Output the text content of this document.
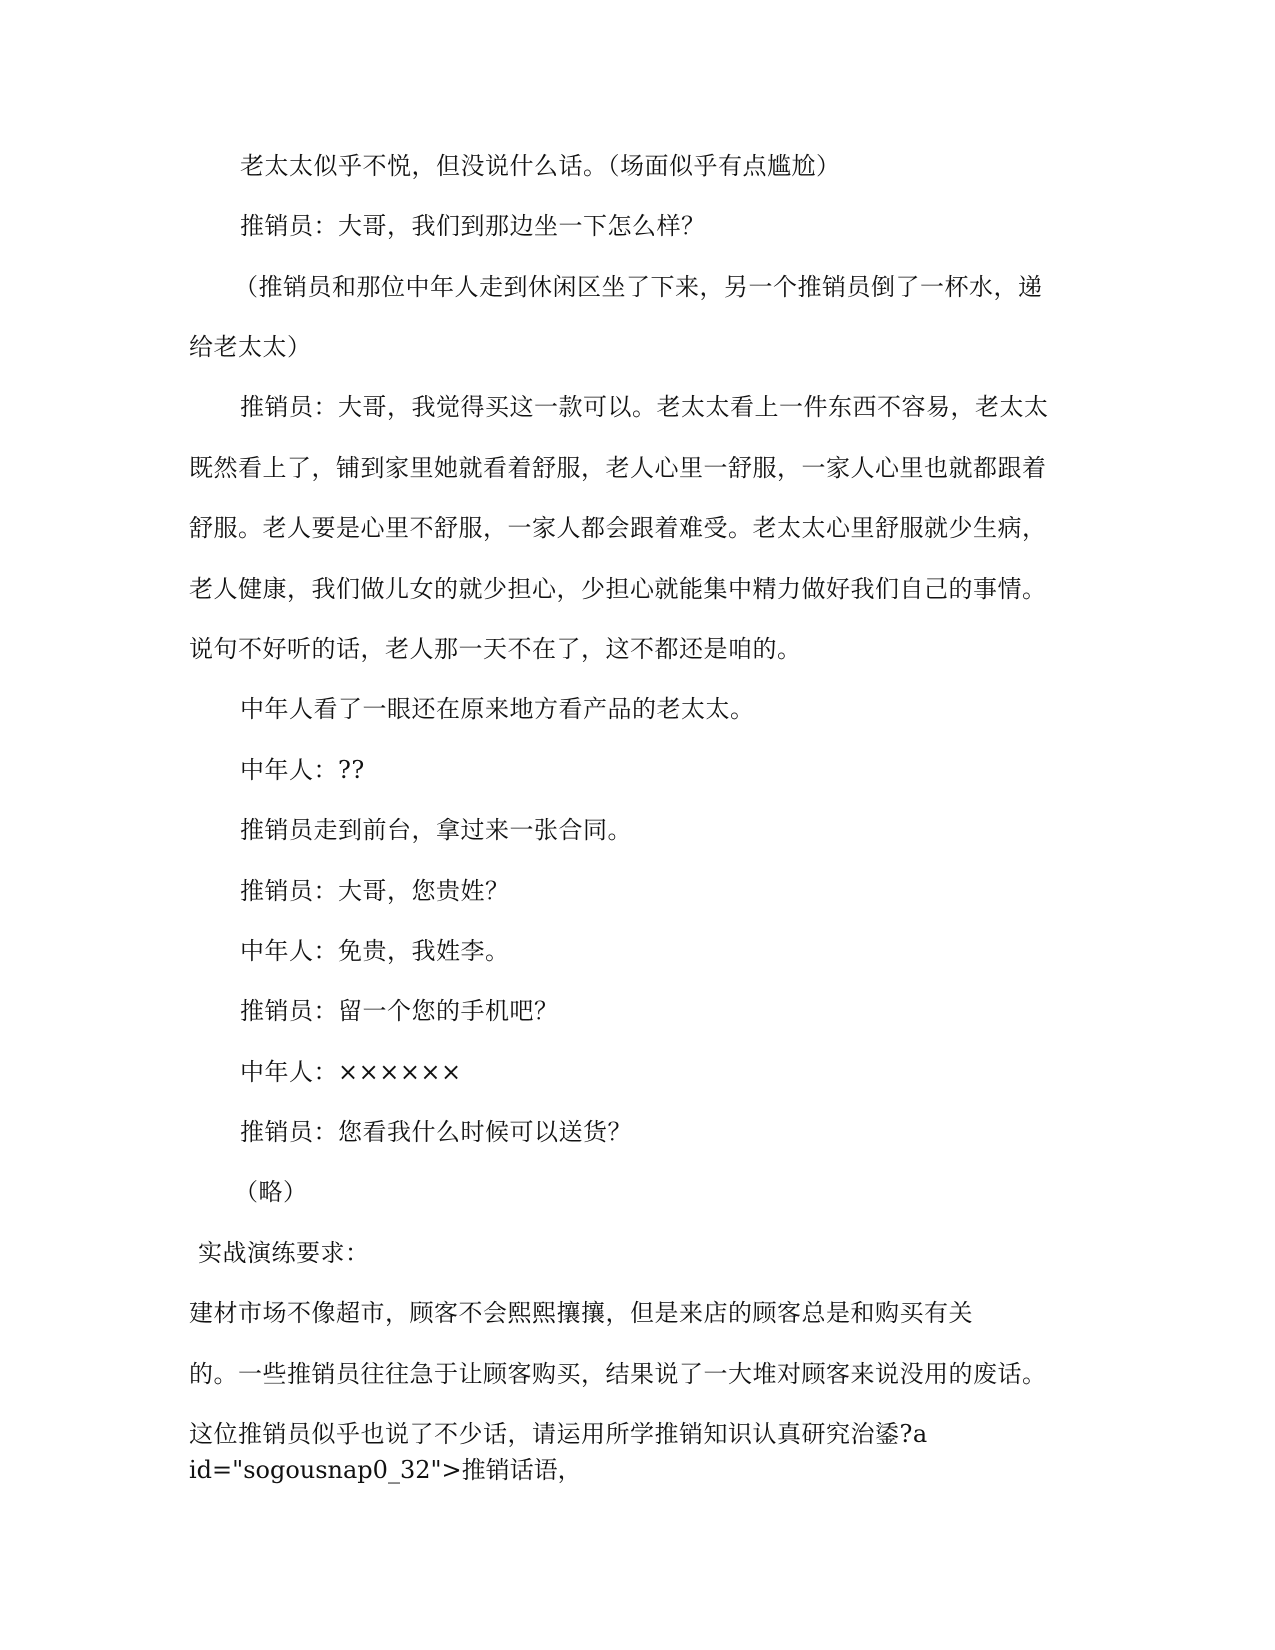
老太太似乎不悦，但没说什么话。（场面似乎有点尴尬）
推销员：大哥，我们到那边坐一下怎么样？
（推销员和那位中年人走到休闲区坐了下来，另一个推销员倒了一杯水，递
给老太太）
推销员：大哥，我觉得买这一款可以。老太太看上一件东西不容易，老太太
既然看上了，铺到家里她就看着舒服，老人心里一舒服，一家人心里也就都跟着
舒服。老人要是心里不舒服，一家人都会跟着难受。老太太心里舒服就少生病，
老人健康，我们做儿女的就少担心，少担心就能集中精力做好我们自己的事情。
说句不好听的话，老人那一天不在了，这不都还是咱的。
中年人看了一眼还在原来地方看产品的老太太。
中年人：??
推销员走到前台，拿过来一张合同。
推销员：大哥，您贵姓？
中年人：免贵，我姓李。
推销员：留一个您的手机吧？
中年人：××××××
推销员：您看我什么时候可以送货？
（略）
实战演练要求：
建材市场不像超市，顾客不会熙熙攘攘，但是来店的顾客总是和购买有关
的。一些推销员往往急于让顾客购买，结果说了一大堆对顾客来说没用的废话。
这位推销员似乎也说了不少话，请运用所学推销知识认真研究治鋈?a
id="sogousnap0_32">推销话语，
